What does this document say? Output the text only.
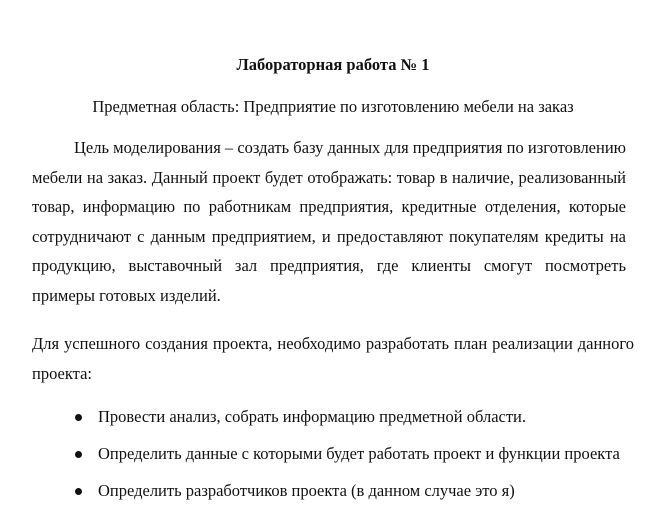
Лабораторная работа № 1
Предметная область: Предприятие по изготовлению мебели на заказ

Цель моделирования – создать базу данных для предприятия по изготовлению мебели на заказ. Данный проект будет отображать: товар в наличие, реализованный товар, информацию по работникам предприятия, кредитные отделения, которые сотрудничают с данным предприятием, и предоставляют покупателям кредиты на продукцию, выставочный зал предприятия, где клиенты смогут посмотреть примеры готовых изделий.

Для успешного создания проекта, необходимо разработать план реализации данного проекта:

Провести анализ, собрать информацию предметной области.
Определить данные с которыми будет работать проект и функции проекта
Определить разработчиков проекта (в данном случае это я)
